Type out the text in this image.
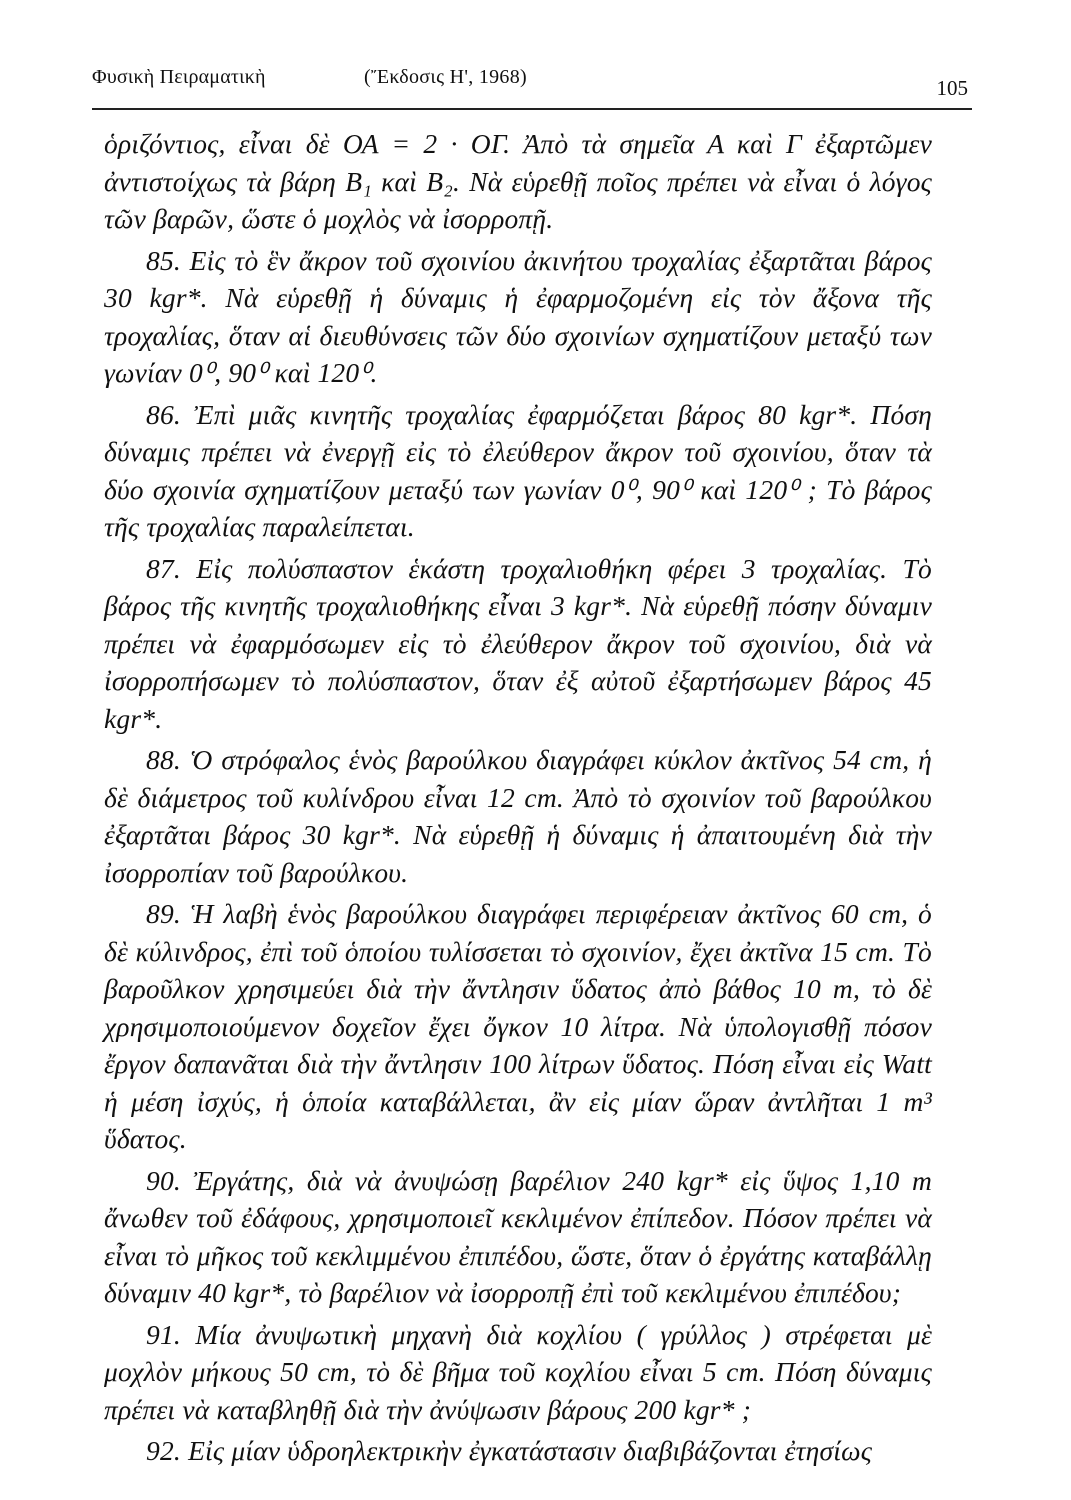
Φυσικὴ Πειραματικὴ	(Ἔκδοσις Η', 1968)	105

ὁριζόντιος, εἶναι δὲ ΟΑ = 2 · ΟΓ. Ἀπὸ τὰ σημεῖα Α καὶ Γ ἐξαρτῶμεν ἀντιστοίχως τὰ βάρη B₁ καὶ B₂. Νὰ εὑρεθῇ ποῖος πρέπει νὰ εἶναι ὁ λόγος τῶν βαρῶν, ὥστε ὁ μοχλὸς νὰ ἰσορροπῇ.

85. Εἰς τὸ ἓν ἄκρον τοῦ σχοινίου ἀκινήτου τροχαλίας ἐξαρτᾶται βάρος 30 kgr*. Νὰ εὑρεθῇ ἡ δύναμις ἡ ἐφαρμοζομένη εἰς τὸν ἄξονα τῆς τροχαλίας, ὅταν αἱ διευθύνσεις τῶν δύο σχοινίων σχηματίζουν μεταξύ των γωνίαν 0⁰, 90⁰ καὶ 120⁰.

86. Ἐπὶ μιᾶς κινητῆς τροχαλίας ἐφαρμόζεται βάρος 80 kgr*. Πόση δύναμις πρέπει νὰ ἐνεργῇ εἰς τὸ ἐλεύθερον ἄκρον τοῦ σχοινίου, ὅταν τὰ δύο σχοινία σχηματίζουν μεταξύ των γωνίαν 0⁰, 90⁰ καὶ 120⁰ ; Τὸ βάρος τῆς τροχαλίας παραλείπεται.

87. Εἰς πολύσπαστον ἑκάστη τροχαλιοθήκη φέρει 3 τροχαλίας. Τὸ βάρος τῆς κινητῆς τροχαλιοθήκης εἶναι 3 kgr*. Νὰ εὑρεθῇ πόσην δύναμιν πρέπει νὰ ἐφαρμόσωμεν εἰς τὸ ἐλεύθερον ἄκρον τοῦ σχοινίου, διὰ νὰ ἰσορροπήσωμεν τὸ πολύσπαστον, ὅταν ἐξ αὐτοῦ ἐξαρτήσωμεν βάρος 45 kgr*.

88. Ὁ στρόφαλος ἑνὸς βαρούλκου διαγράφει κύκλον ἀκτῖνος 54 cm, ἡ δὲ διάμετρος τοῦ κυλίνδρου εἶναι 12 cm. Ἀπὸ τὸ σχοινίον τοῦ βαρούλκου ἐξαρτᾶται βάρος 30 kgr*. Νὰ εὑρεθῇ ἡ δύναμις ἡ ἀπαιτουμένη διὰ τὴν ἰσορροπίαν τοῦ βαρούλκου.

89. Ἡ λαβὴ ἑνὸς βαρούλκου διαγράφει περιφέρειαν ἀκτῖνος 60 cm, ὁ δὲ κύλινδρος, ἐπὶ τοῦ ὁποίου τυλίσσεται τὸ σχοινίον, ἔχει ἀκτῖνα 15 cm. Τὸ βαροῦλκον χρησιμεύει διὰ τὴν ἄντλησιν ὕδατος ἀπὸ βάθος 10 m, τὸ δὲ χρησιμοποιούμενον δοχεῖον ἔχει ὄγκον 10 λίτρα. Νὰ ὑπολογισθῇ πόσον ἔργον δαπανᾶται διὰ τὴν ἄντλησιν 100 λίτρων ὕδατος. Πόση εἶναι εἰς Watt ἡ μέση ἰσχύς, ἡ ὁποία καταβάλλεται, ἂν εἰς μίαν ὥραν ἀντλῆται 1 m³ ὕδατος.

90. Ἐργάτης, διὰ νὰ ἀνυψώσῃ βαρέλιον 240 kgr* εἰς ὕψος 1,10 m ἄνωθεν τοῦ ἐδάφους, χρησιμοποιεῖ κεκλιμένον ἐπίπεδον. Πόσον πρέπει νὰ εἶναι τὸ μῆκος τοῦ κεκλιμμένου ἐπιπέδου, ὥστε, ὅταν ὁ ἐργάτης καταβάλλῃ δύναμιν 40 kgr*, τὸ βαρέλιον νὰ ἰσορροπῇ ἐπὶ τοῦ κεκλιμένου ἐπιπέδου;

91. Μία ἀνυψωτικὴ μηχανὴ διὰ κοχλίου ( γρύλλος ) στρέφεται μὲ μοχλὸν μήκους 50 cm, τὸ δὲ βῆμα τοῦ κοχλίου εἶναι 5 cm. Πόση δύναμις πρέπει νὰ καταβληθῇ διὰ τὴν ἀνύψωσιν βάρους 200 kgr* ;

92. Εἰς μίαν ὑδροηλεκτρικὴν ἐγκατάστασιν διαβιβάζονται ἐτησίως
